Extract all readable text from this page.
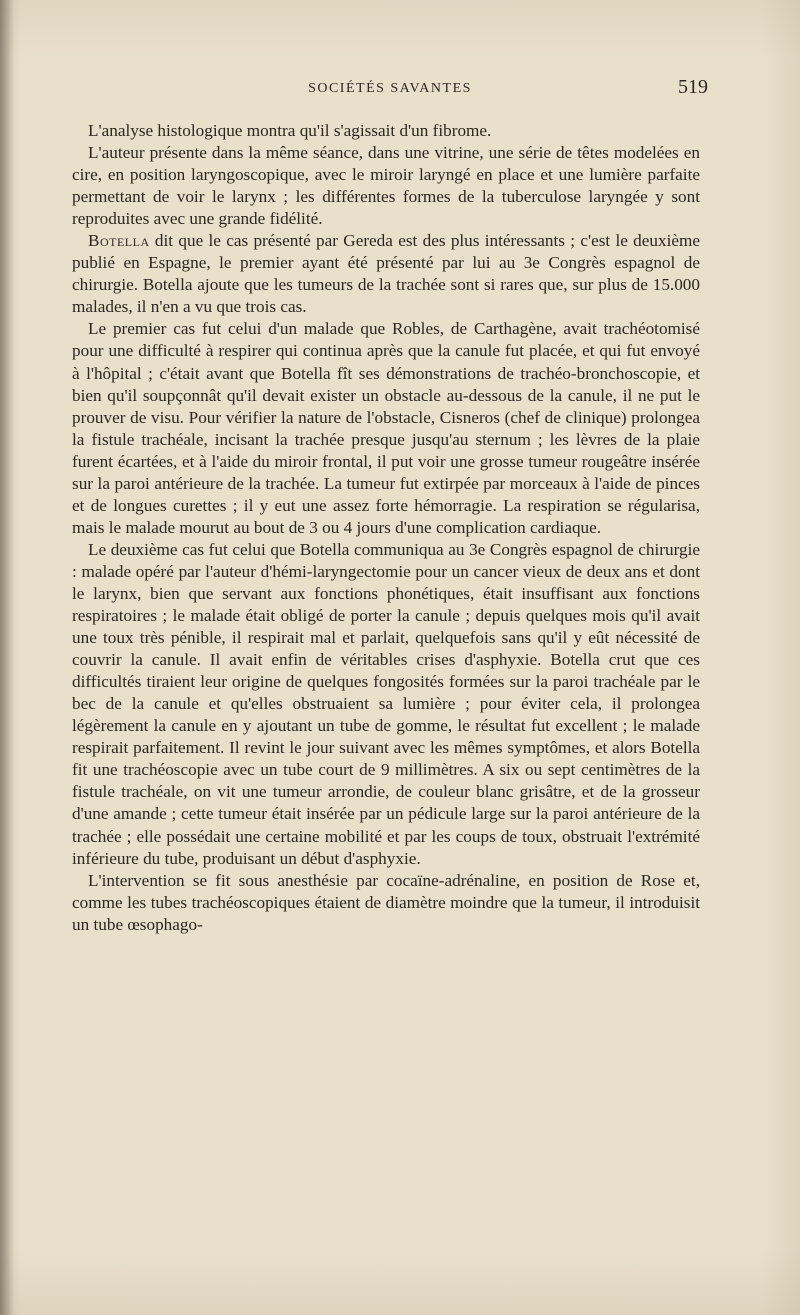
SOCIÉTÉS SAVANTES	519

L'analyse histologique montra qu'il s'agissait d'un fibrome.

L'auteur présente dans la même séance, dans une vitrine, une série de têtes modelées en cire, en position laryngoscopique, avec le miroir laryngé en place et une lumière parfaite permettant de voir le larynx ; les différentes formes de la tuberculose laryngée y sont reproduites avec une grande fidélité.

Botella dit que le cas présenté par Gereda est des plus intéressants ; c'est le deuxième publié en Espagne, le premier ayant été présenté par lui au 3e Congrès espagnol de chirurgie. Botella ajoute que les tumeurs de la trachée sont si rares que, sur plus de 15.000 malades, il n'en a vu que trois cas.

Le premier cas fut celui d'un malade que Robles, de Carthagène, avait trachéotomisé pour une difficulté à respirer qui continua après que la canule fut placée, et qui fut envoyé à l'hôpital ; c'était avant que Botella fît ses démonstrations de trachéo-bronchoscopie, et bien qu'il soupçonnât qu'il devait exister un obstacle au-dessous de la canule, il ne put le prouver de visu. Pour vérifier la nature de l'obstacle, Cisneros (chef de clinique) prolongea la fistule trachéale, incisant la trachée presque jusqu'au sternum ; les lèvres de la plaie furent écartées, et à l'aide du miroir frontal, il put voir une grosse tumeur rougeâtre insérée sur la paroi antérieure de la trachée. La tumeur fut extirpée par morceaux à l'aide de pinces et de longues curettes ; il y eut une assez forte hémorragie. La respiration se régularisa, mais le malade mourut au bout de 3 ou 4 jours d'une complication cardiaque.

Le deuxième cas fut celui que Botella communiqua au 3e Congrès espagnol de chirurgie : malade opéré par l'auteur d'hémi-laryngectomie pour un cancer vieux de deux ans et dont le larynx, bien que servant aux fonctions phonétiques, était insuffisant aux fonctions respiratoires ; le malade était obligé de porter la canule ; depuis quelques mois qu'il avait une toux très pénible, il respirait mal et parlait, quelquefois sans qu'il y eût nécessité de couvrir la canule. Il avait enfin de véritables crises d'asphyxie. Botella crut que ces difficultés tiraient leur origine de quelques fongosités formées sur la paroi trachéale par le bec de la canule et qu'elles obstruaient sa lumière ; pour éviter cela, il prolongea légèrement la canule en y ajoutant un tube de gomme, le résultat fut excellent ; le malade respirait parfaitement. Il revint le jour suivant avec les mêmes symptômes, et alors Botella fit une trachéoscopie avec un tube court de 9 millimètres. A six ou sept centimètres de la fistule trachéale, on vit une tumeur arrondie, de couleur blanc grisâtre, et de la grosseur d'une amande ; cette tumeur était insérée par un pédicule large sur la paroi antérieure de la trachée ; elle possédait une certaine mobilité et par les coups de toux, obstruait l'extrémité inférieure du tube, produisant un début d'asphyxie.

L'intervention se fit sous anesthésie par cocaïne-adrénaline, en position de Rose et, comme les tubes trachéoscopiques étaient de diamètre moindre que la tumeur, il introduisit un tube œsophago-
